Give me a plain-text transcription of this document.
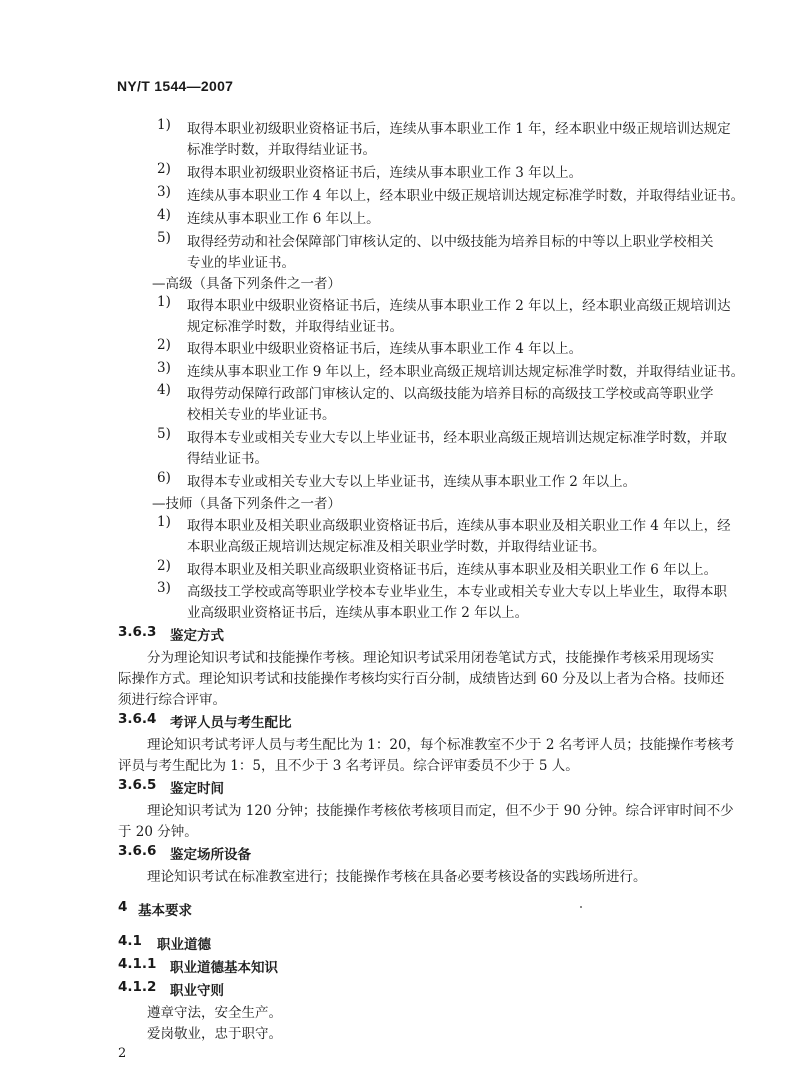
NY/T 1544—2007
1) 取得本职业初级职业资格证书后，连续从事本职业工作 1 年，经本职业中级正规培训达规定
标准学时数，并取得结业证书。
2) 取得本职业初级职业资格证书后，连续从事本职业工作 3 年以上。
3) 连续从事本职业工作 4 年以上，经本职业中级正规培训达规定标准学时数，并取得结业证书。
4) 连续从事本职业工作 6 年以上。
5) 取得经劳动和社会保障部门审核认定的、以中级技能为培养目标的中等以上职业学校相关
专业的毕业证书。
—高级（具备下列条件之一者）
1) 取得本职业中级职业资格证书后，连续从事本职业工作 2 年以上，经本职业高级正规培训达
规定标准学时数，并取得结业证书。
2) 取得本职业中级职业资格证书后，连续从事本职业工作 4 年以上。
3) 连续从事本职业工作 9 年以上，经本职业高级正规培训达规定标准学时数，并取得结业证书。
4) 取得劳动保障行政部门审核认定的、以高级技能为培养目标的高级技工学校或高等职业学
校相关专业的毕业证书。
5) 取得本专业或相关专业大专以上毕业证书，经本职业高级正规培训达规定标准学时数，并取
得结业证书。
6) 取得本专业或相关专业大专以上毕业证书，连续从事本职业工作 2 年以上。
—技师（具备下列条件之一者）
1) 取得本职业及相关职业高级职业资格证书后，连续从事本职业及相关职业工作 4 年以上，经
本职业高级正规培训达规定标准及相关职业学时数，并取得结业证书。
2) 取得本职业及相关职业高级职业资格证书后，连续从事本职业及相关职业工作 6 年以上。
3) 高级技工学校或高等职业学校本专业毕业生，本专业或相关专业大专以上毕业生，取得本职
业高级职业资格证书后，连续从事本职业工作 2 年以上。
3.6.3 鉴定方式
分为理论知识考试和技能操作考核。理论知识考试采用闭卷笔试方式，技能操作考核采用现场实
际操作方式。理论知识考试和技能操作考核均实行百分制，成绩皆达到 60 分及以上者为合格。技师还
须进行综合评审。
3.6.4 考评人员与考生配比
理论知识考试考评人员与考生配比为 1：20，每个标准教室不少于 2 名考评人员；技能操作考核考
评员与考生配比为 1：5，且不少于 3 名考评员。综合评审委员不少于 5 人。
3.6.5 鉴定时间
理论知识考试为 120 分钟；技能操作考核依考核项目而定，但不少于 90 分钟。综合评审时间不少
于 20 分钟。
3.6.6 鉴定场所设备
理论知识考试在标准教室进行；技能操作考核在具备必要考核设备的实践场所进行。
4 基本要求
4.1 职业道德
4.1.1 职业道德基本知识
4.1.2 职业守则
遵章守法，安全生产。
爱岗敬业，忠于职守。
2
